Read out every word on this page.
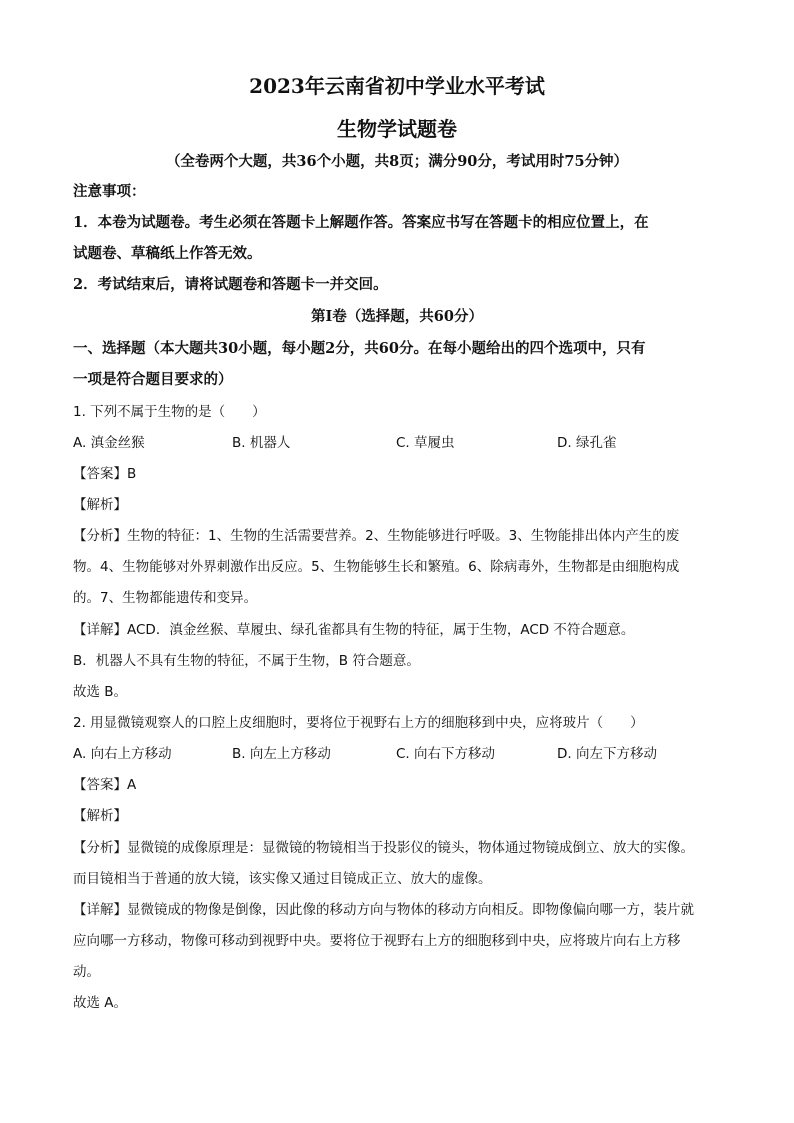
2023年云南省初中学业水平考试
生物学试题卷
（全卷两个大题，共36个小题，共8页；满分90分，考试用时75分钟）
注意事项：
1．本卷为试题卷。考生必须在答题卡上解题作答。答案应书写在答题卡的相应位置上，在
试题卷、草稿纸上作答无效。
2．考试结束后，请将试题卷和答题卡一并交回。
第Ⅰ卷（选择题，共60分）
一、选择题（本大题共30小题，每小题2分，共60分。在每小题给出的四个选项中，只有
一项是符合题目要求的）
1. 下列不属于生物的是（　　）
A. 滇金丝猴	B. 机器人	C. 草履虫	D. 绿孔雀
【答案】B
【解析】
【分析】生物的特征：1、生物的生活需要营养。2、生物能够进行呼吸。3、生物能排出体内产生的废
物。4、生物能够对外界刺激作出反应。5、生物能够生长和繁殖。6、除病毒外，生物都是由细胞构成
的。7、生物都能遗传和变异。
【详解】ACD．滇金丝猴、草履虫、绿孔雀都具有生物的特征，属于生物，ACD 不符合题意。
B．机器人不具有生物的特征，不属于生物，B 符合题意。
故选 B。
2. 用显微镜观察人的口腔上皮细胞时，要将位于视野右上方的细胞移到中央，应将玻片（　　）
A. 向右上方移动	B. 向左上方移动	C. 向右下方移动	D. 向左下方移动
【答案】A
【解析】
【分析】显微镜的成像原理是：显微镜的物镜相当于投影仪的镜头，物体通过物镜成倒立、放大的实像。
而目镜相当于普通的放大镜，该实像又通过目镜成正立、放大的虚像。
【详解】显微镜成的物像是倒像，因此像的移动方向与物体的移动方向相反。即物像偏向哪一方，装片就
应向哪一方移动，物像可移动到视野中央。要将位于视野右上方的细胞移到中央，应将玻片向右上方移
动。
故选 A。
